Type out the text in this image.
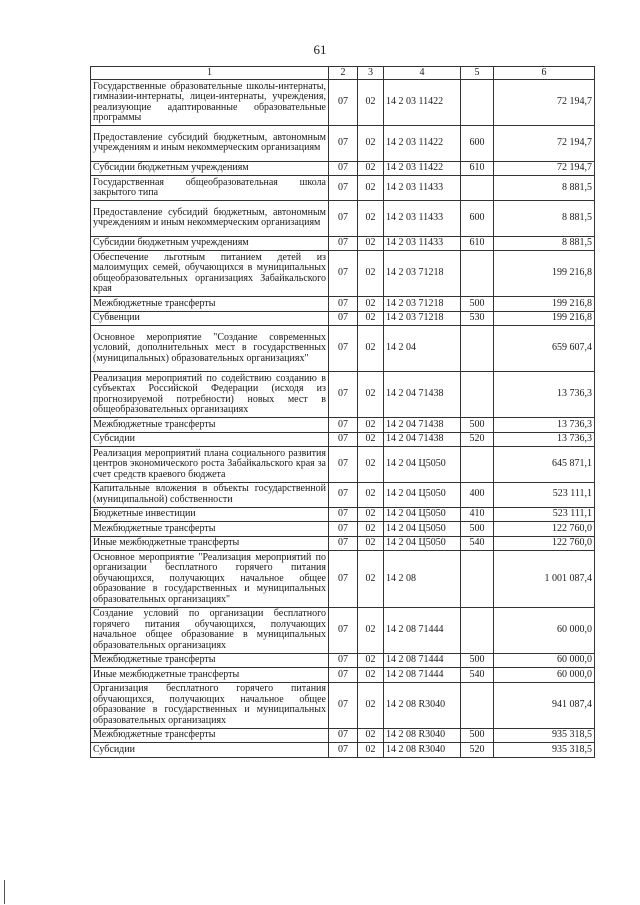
61
1	2	3	4	5	6
Государственные образовательные школы-интернаты, гимназии-интернаты, лицеи-интернаты, учреждения, реализующие адаптированные образовательные программы	07	02	14 2 03 11422		72 194,7
Предоставление субсидий бюджетным, автономным учреждениям и иным некоммерческим организациям	07	02	14 2 03 11422	600	72 194,7
Субсидии бюджетным учреждениям	07	02	14 2 03 11422	610	72 194,7
Государственная общеобразовательная школа закрытого типа	07	02	14 2 03 11433		8 881,5
Предоставление субсидий бюджетным, автономным учреждениям и иным некоммерческим организациям	07	02	14 2 03 11433	600	8 881,5
Субсидии бюджетным учреждениям	07	02	14 2 03 11433	610	8 881,5
Обеспечение льготным питанием детей из малоимущих семей, обучающихся в муниципальных общеобразовательных организациях Забайкальского края	07	02	14 2 03 71218		199 216,8
Межбюджетные трансферты	07	02	14 2 03 71218	500	199 216,8
Субвенции	07	02	14 2 03 71218	530	199 216,8
Основное мероприятие "Создание современных условий, дополнительных мест в государственных (муниципальных) образовательных организациях"	07	02	14 2 04		659 607,4
Реализация мероприятий по содействию созданию в субъектах Российской Федерации (исходя из прогнозируемой потребности) новых мест в общеобразовательных организациях	07	02	14 2 04 71438		13 736,3
Межбюджетные трансферты	07	02	14 2 04 71438	500	13 736,3
Субсидии	07	02	14 2 04 71438	520	13 736,3
Реализация мероприятий плана социального развития центров экономического роста Забайкальского края за счет средств краевого бюджета	07	02	14 2 04 Ц5050		645 871,1
Капитальные вложения в объекты государственной (муниципальной) собственности	07	02	14 2 04 Ц5050	400	523 111,1
Бюджетные инвестиции	07	02	14 2 04 Ц5050	410	523 111,1
Межбюджетные трансферты	07	02	14 2 04 Ц5050	500	122 760,0
Иные межбюджетные трансферты	07	02	14 2 04 Ц5050	540	122 760,0
Основное мероприятие "Реализация мероприятий по организации бесплатного горячего питания обучающихся, получающих начальное общее образование в государственных и муниципальных образовательных организациях"	07	02	14 2 08		1 001 087,4
Создание условий по организации бесплатного горячего питания обучающихся, получающих начальное общее образование в муниципальных образовательных организациях	07	02	14 2 08 71444		60 000,0
Межбюджетные трансферты	07	02	14 2 08 71444	500	60 000,0
Иные межбюджетные трансферты	07	02	14 2 08 71444	540	60 000,0
Организация бесплатного горячего питания обучающихся, получающих начальное общее образование в государственных и муниципальных образовательных организациях	07	02	14 2 08 R3040		941 087,4
Межбюджетные трансферты	07	02	14 2 08 R3040	500	935 318,5
Субсидии	07	02	14 2 08 R3040	520	935 318,5
